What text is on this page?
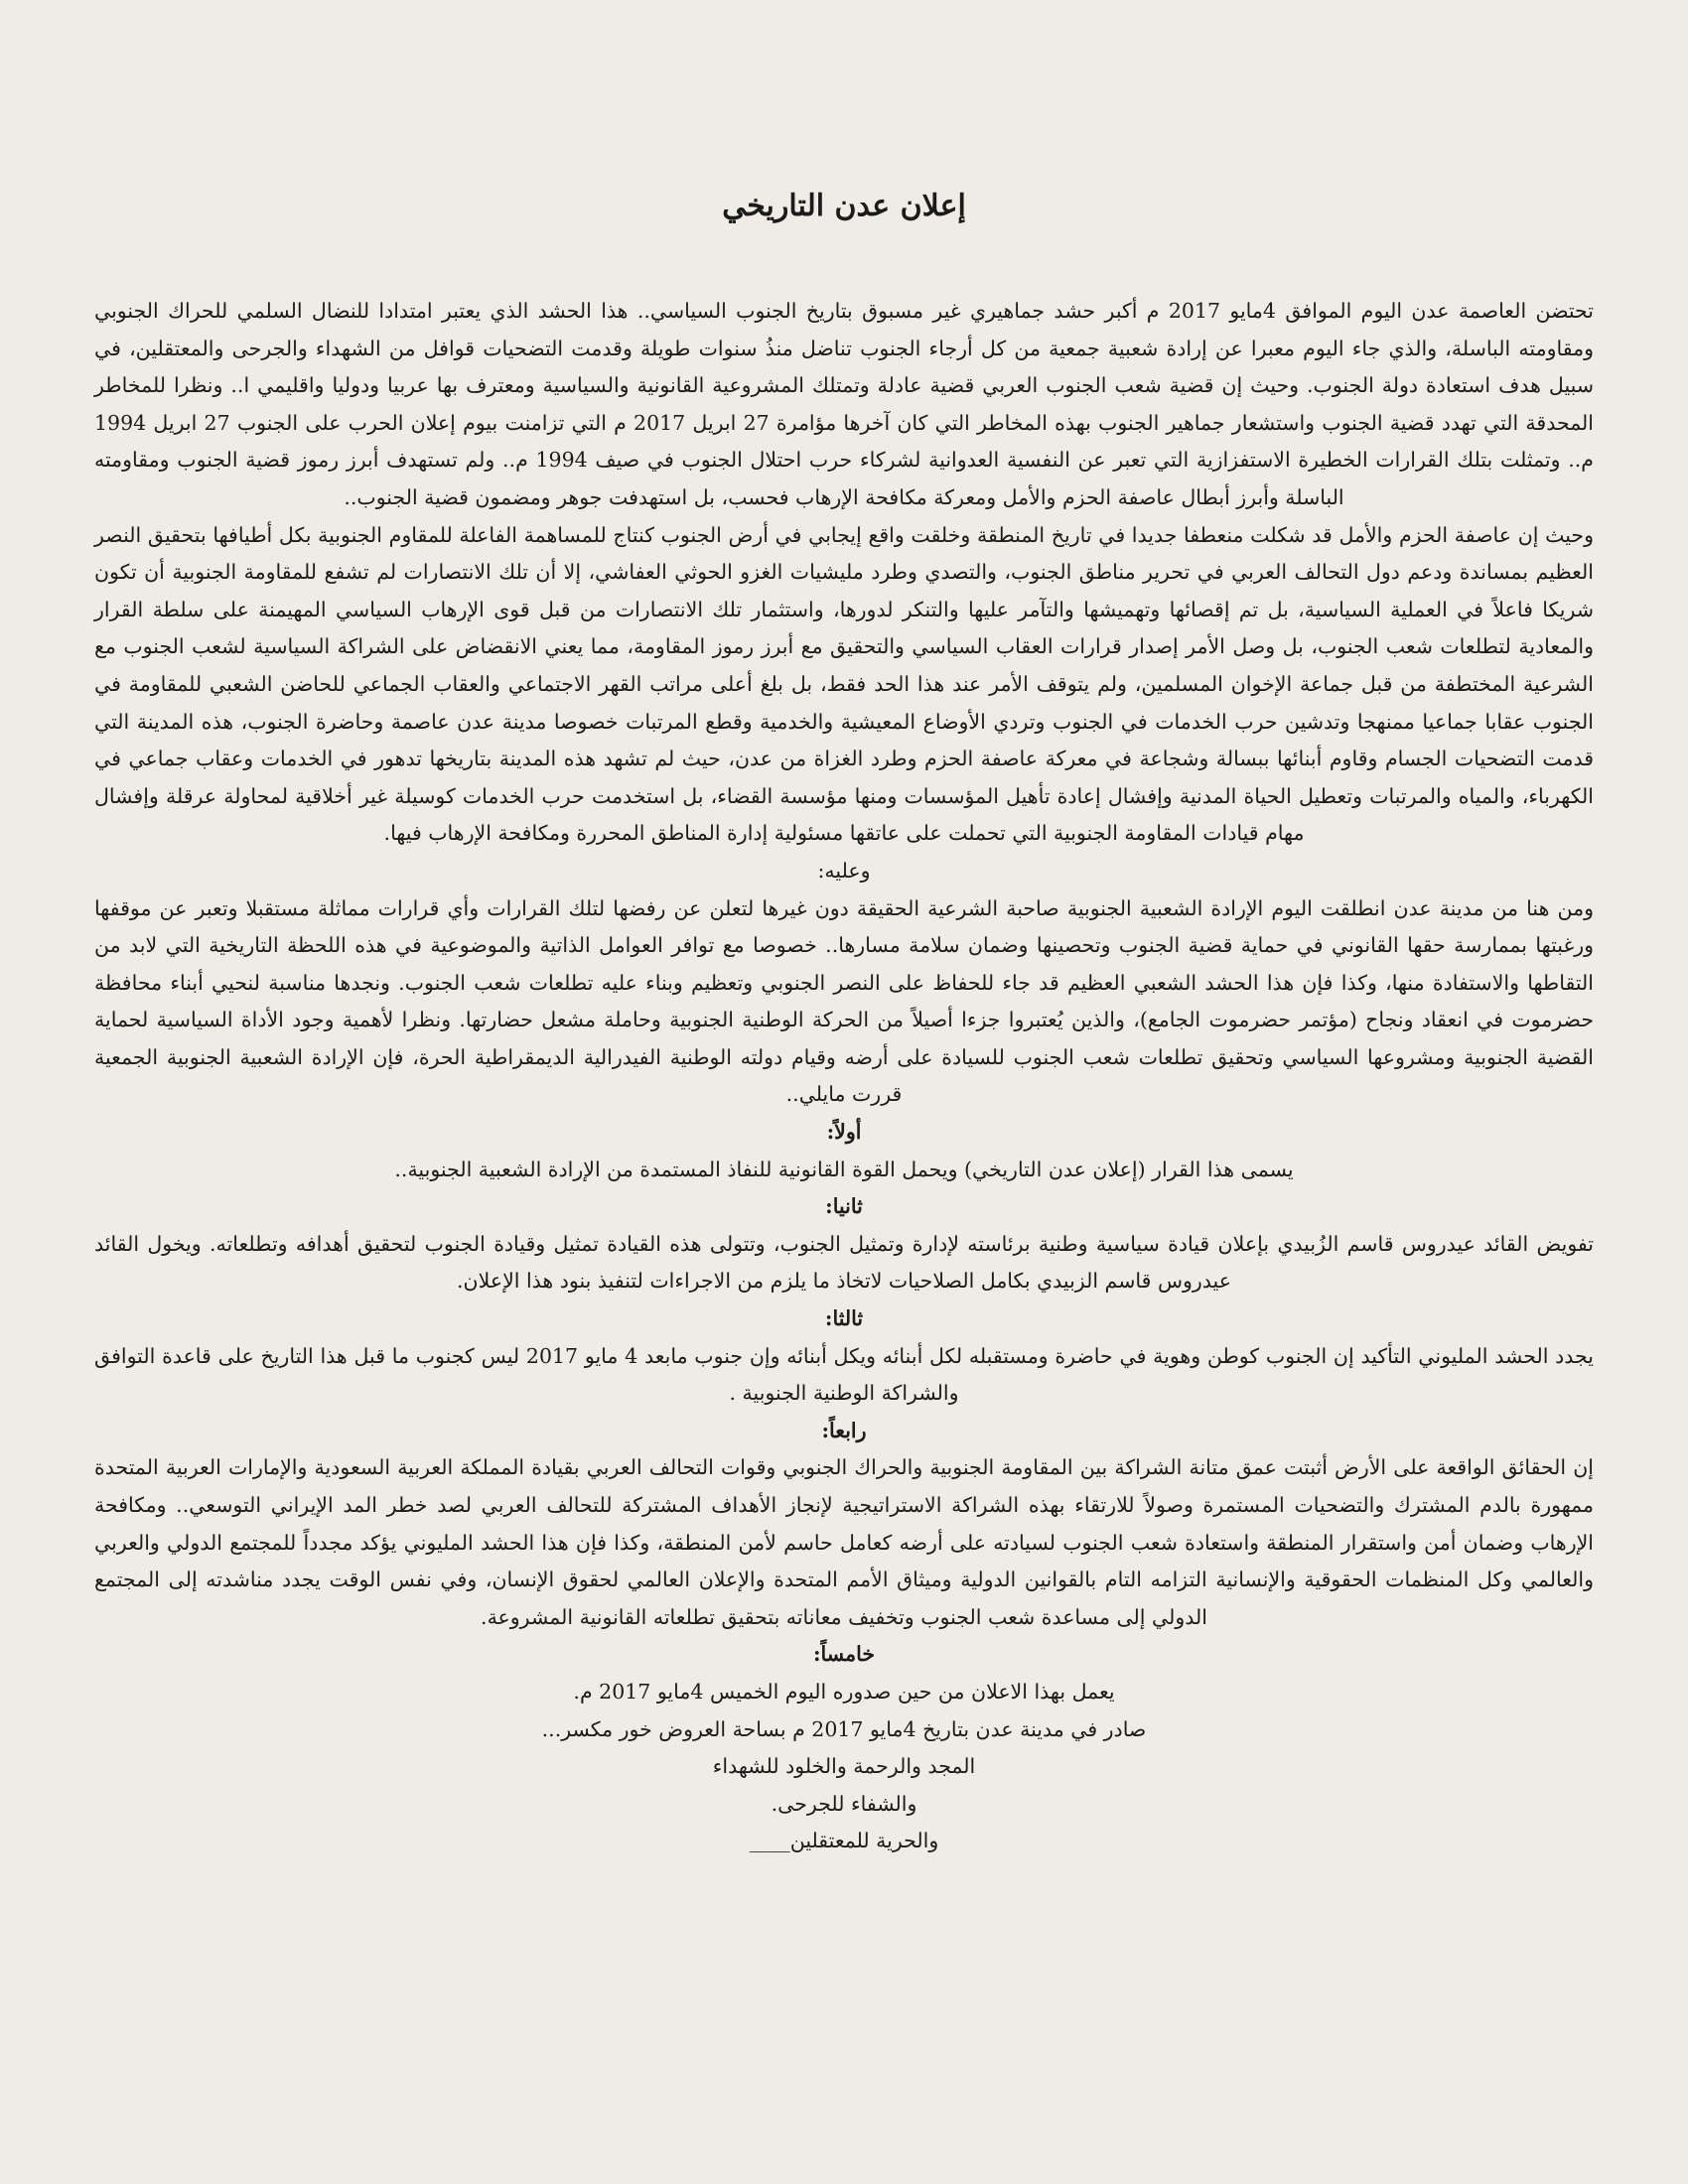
إعلان عدن التاريخي

تحتضن العاصمة عدن اليوم الموافق 4مايو 2017 م أكبر حشد جماهيري غير مسبوق بتاريخ الجنوب السياسي.. هذا الحشد الذي يعتبر امتدادا للنضال السلمي للحراك الجنوبي ومقاومته الباسلة، والذي جاء اليوم معبرا عن إرادة شعبية جمعية من كل أرجاء الجنوب تناضل منذُ سنوات طويلة وقدمت التضحيات قوافل من الشهداء والجرحى والمعتقلين، في سبيل هدف استعادة دولة الجنوب. وحيث إن قضية شعب الجنوب العربي قضية عادلة وتمتلك المشروعية القانونية والسياسية ومعترف بها عربيا ودوليا واقليمي ا.. ونظرا للمخاطر المحدقة التي تهدد قضية الجنوب واستشعار جماهير الجنوب بهذه المخاطر التي كان آخرها مؤامرة 27 ابريل 2017 م التي تزامنت بيوم إعلان الحرب على الجنوب 27 ابريل 1994 م.. وتمثلت بتلك القرارات الخطيرة الاستفزازية التي تعبر عن النفسية العدوانية لشركاء حرب احتلال الجنوب في صيف 1994 م.. ولم تستهدف أبرز رموز قضية الجنوب ومقاومته الباسلة وأبرز أبطال عاصفة الحزم والأمل ومعركة مكافحة الإرهاب فحسب، بل استهدفت جوهر ومضمون قضية الجنوب..

وحيث إن عاصفة الحزم والأمل قد شكلت منعطفا جديدا في تاريخ المنطقة وخلقت واقع إيجابي في أرض الجنوب كنتاج للمساهمة الفاعلة للمقاوم الجنوبية بكل أطيافها بتحقيق النصر العظيم بمساندة ودعم دول التحالف العربي في تحرير مناطق الجنوب، والتصدي وطرد مليشيات الغزو الحوثي العفاشي، إلا أن تلك الانتصارات لم تشفع للمقاومة الجنوبية أن تكون شريكا فاعلاً في العملية السياسية، بل تم إقصائها وتهميشها والتآمر عليها والتنكر لدورها، واستثمار تلك الانتصارات من قبل قوى الإرهاب السياسي المهيمنة على سلطة القرار والمعادية لتطلعات شعب الجنوب، بل وصل الأمر إصدار قرارات العقاب السياسي والتحقيق مع أبرز رموز المقاومة، مما يعني الانقضاض على الشراكة السياسية لشعب الجنوب مع الشرعية المختطفة من قبل جماعة الإخوان المسلمين، ولم يتوقف الأمر عند هذا الحد فقط، بل بلغ أعلى مراتب القهر الاجتماعي والعقاب الجماعي للحاضن الشعبي للمقاومة في الجنوب عقابا جماعيا ممنهجا وتدشين حرب الخدمات في الجنوب وتردي الأوضاع المعيشية والخدمية وقطع المرتبات خصوصا مدينة عدن عاصمة وحاضرة الجنوب، هذه المدينة التي قدمت التضحيات الجسام وقاوم أبنائها ببسالة وشجاعة في معركة عاصفة الحزم وطرد الغزاة من عدن، حيث لم تشهد هذه المدينة بتاريخها تدهور في الخدمات وعقاب جماعي في الكهرباء، والمياه والمرتبات وتعطيل الحياة المدنية وإفشال إعادة تأهيل المؤسسات ومنها مؤسسة القضاء، بل استخدمت حرب الخدمات كوسيلة غير أخلاقية لمحاولة عرقلة وإفشال مهام قيادات المقاومة الجنوبية التي تحملت على عاتقها مسئولية إدارة المناطق المحررة ومكافحة الإرهاب فيها.

وعليه:

ومن هنا من مدينة عدن انطلقت اليوم الإرادة الشعبية الجنوبية صاحبة الشرعية الحقيقة دون غيرها لتعلن عن رفضها لتلك القرارات وأي قرارات مماثلة مستقبلا وتعبر عن موقفها ورغبتها بممارسة حقها القانوني في حماية قضية الجنوب وتحصينها وضمان سلامة مسارها.. خصوصا مع توافر العوامل الذاتية والموضوعية في هذه اللحظة التاريخية التي لابد من التقاطها والاستفادة منها، وكذا فإن هذا الحشد الشعبي العظيم قد جاء للحفاظ على النصر الجنوبي وتعظيم وبناء عليه تطلعات شعب الجنوب. ونجدها مناسبة لنحيي أبناء محافظة حضرموت في انعقاد ونجاح (مؤتمر حضرموت الجامع)، والذين يُعتبروا جزءا أصيلاً من الحركة الوطنية الجنوبية وحاملة مشعل حضارتها. ونظرا لأهمية وجود الأداة السياسية لحماية القضية الجنوبية ومشروعها السياسي وتحقيق تطلعات شعب الجنوب للسيادة على أرضه وقيام دولته الوطنية الفيدرالية الديمقراطية الحرة، فإن الإرادة الشعبية الجنوبية الجمعية قررت مايلي..

أولاً:

يسمى هذا القرار (إعلان عدن التاريخي) ويحمل القوة القانونية للنفاذ المستمدة من الإرادة الشعبية الجنوبية..

ثانيا:

تفويض القائد عيدروس قاسم الزُبيدي بإعلان قيادة سياسية وطنية برئاسته لإدارة وتمثيل الجنوب، وتتولى هذه القيادة تمثيل وقيادة الجنوب لتحقيق أهدافه وتطلعاته. ويخول القائد عيدروس قاسم الزبيدي بكامل الصلاحيات لاتخاذ ما يلزم من الاجراءات لتنفيذ بنود هذا الإعلان.

ثالثا:

يجدد الحشد المليوني التأكيد إن الجنوب كوطن وهوية في حاضرة ومستقبله لكل أبنائه ويكل أبنائه وإن جنوب مابعد 4 مايو 2017 ليس كجنوب ما قبل هذا التاريخ على قاعدة التوافق والشراكة الوطنية الجنوبية .

رابعاً:

إن الحقائق الواقعة على الأرض أثبتت عمق متانة الشراكة بين المقاومة الجنوبية والحراك الجنوبي وقوات التحالف العربي بقيادة المملكة العربية السعودية والإمارات العربية المتحدة ممهورة بالدم المشترك والتضحيات المستمرة وصولاً للارتقاء بهذه الشراكة الاستراتيجية لإنجاز الأهداف المشتركة للتحالف العربي لصد خطر المد الإيراني التوسعي.. ومكافحة الإرهاب وضمان أمن واستقرار المنطقة واستعادة شعب الجنوب لسيادته على أرضه كعامل حاسم لأمن المنطقة، وكذا فإن هذا الحشد المليوني يؤكد مجدداً للمجتمع الدولي والعربي والعالمي وكل المنظمات الحقوقية والإنسانية التزامه التام بالقوانين الدولية وميثاق الأمم المتحدة والإعلان العالمي لحقوق الإنسان، وفي نفس الوقت يجدد مناشدته إلى المجتمع الدولي إلى مساعدة شعب الجنوب وتخفيف معاناته بتحقيق تطلعاته القانونية المشروعة.

خامساً:

يعمل بهذا الاعلان من حين صدوره اليوم الخميس 4مايو 2017 م.

صادر في مدينة عدن بتاريخ 4مايو 2017 م بساحة العروض خور مكسر...

المجد والرحمة والخلود للشهداء

والشفاء للجرحى.

والحرية للمعتقلين____
